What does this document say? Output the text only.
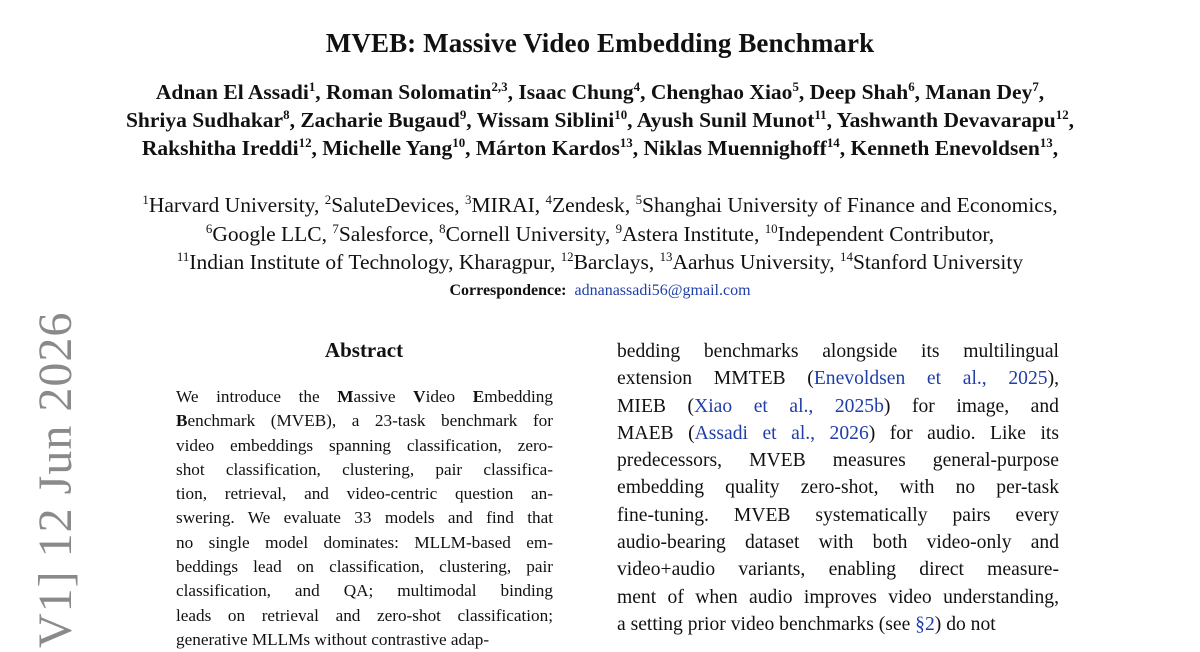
MVEB: Massive Video Embedding Benchmark
Adnan El Assadi$^1$, Roman Solomatin$^{2,3}$, Isaac Chung$^4$, Chenghao Xiao$^5$, Deep Shah$^6$, Manan Dey$^7$,
Shriya Sudhakar$^8$, Zacharie Bugaud$^9$, Wissam Siblini$^{10}$, Ayush Sunil Munot$^{11}$, Yashwanth Devavarapu$^{12}$,
Rakshitha Ireddi$^{12}$, Michelle Yang$^{10}$, Márton Kardos$^{13}$, Niklas Muennighoff$^{14}$, Kenneth Enevoldsen$^{13}$,
$^1$Harvard University, $^2$SaluteDevices, $^3$MIRAI, $^4$Zendesk, $^5$Shanghai University of Finance and Economics,
$^6$Google LLC, $^7$Salesforce, $^8$Cornell University, $^9$Astera Institute, $^{10}$Independent Contributor,
$^{11}$Indian Institute of Technology, Kharagpur, $^{12}$Barclays, $^{13}$Aarhus University, $^{14}$Stanford University
Correspondence: adnanassadi56@gmail.com
V1] 12 Jun 2026	Abstract
We introduce the Massive Video Embedding
Benchmark (MVEB), a 23-task benchmark for
video embeddings spanning classification, zero-
shot classification, clustering, pair classifica-
tion, retrieval, and video-centric question an-
swering. We evaluate 33 models and find that
no single model dominates: MLLM-based em-
beddings lead on classification, clustering, pair
classification, and QA; multimodal binding
leads on retrieval and zero-shot classification;
generative MLLMs without contrastive adap-
bedding benchmarks alongside its multilingual
extension MMTEB (Enevoldsen et al., 2025),
MIEB (Xiao et al., 2025b) for image, and
MAEB (Assadi et al., 2026) for audio. Like its
predecessors, MVEB measures general-purpose
embedding quality zero-shot, with no per-task
fine-tuning. MVEB systematically pairs every
audio-bearing dataset with both video-only and
video+audio variants, enabling direct measure-
ment of when audio improves video understanding,
a setting prior video benchmarks (see §2) do not
